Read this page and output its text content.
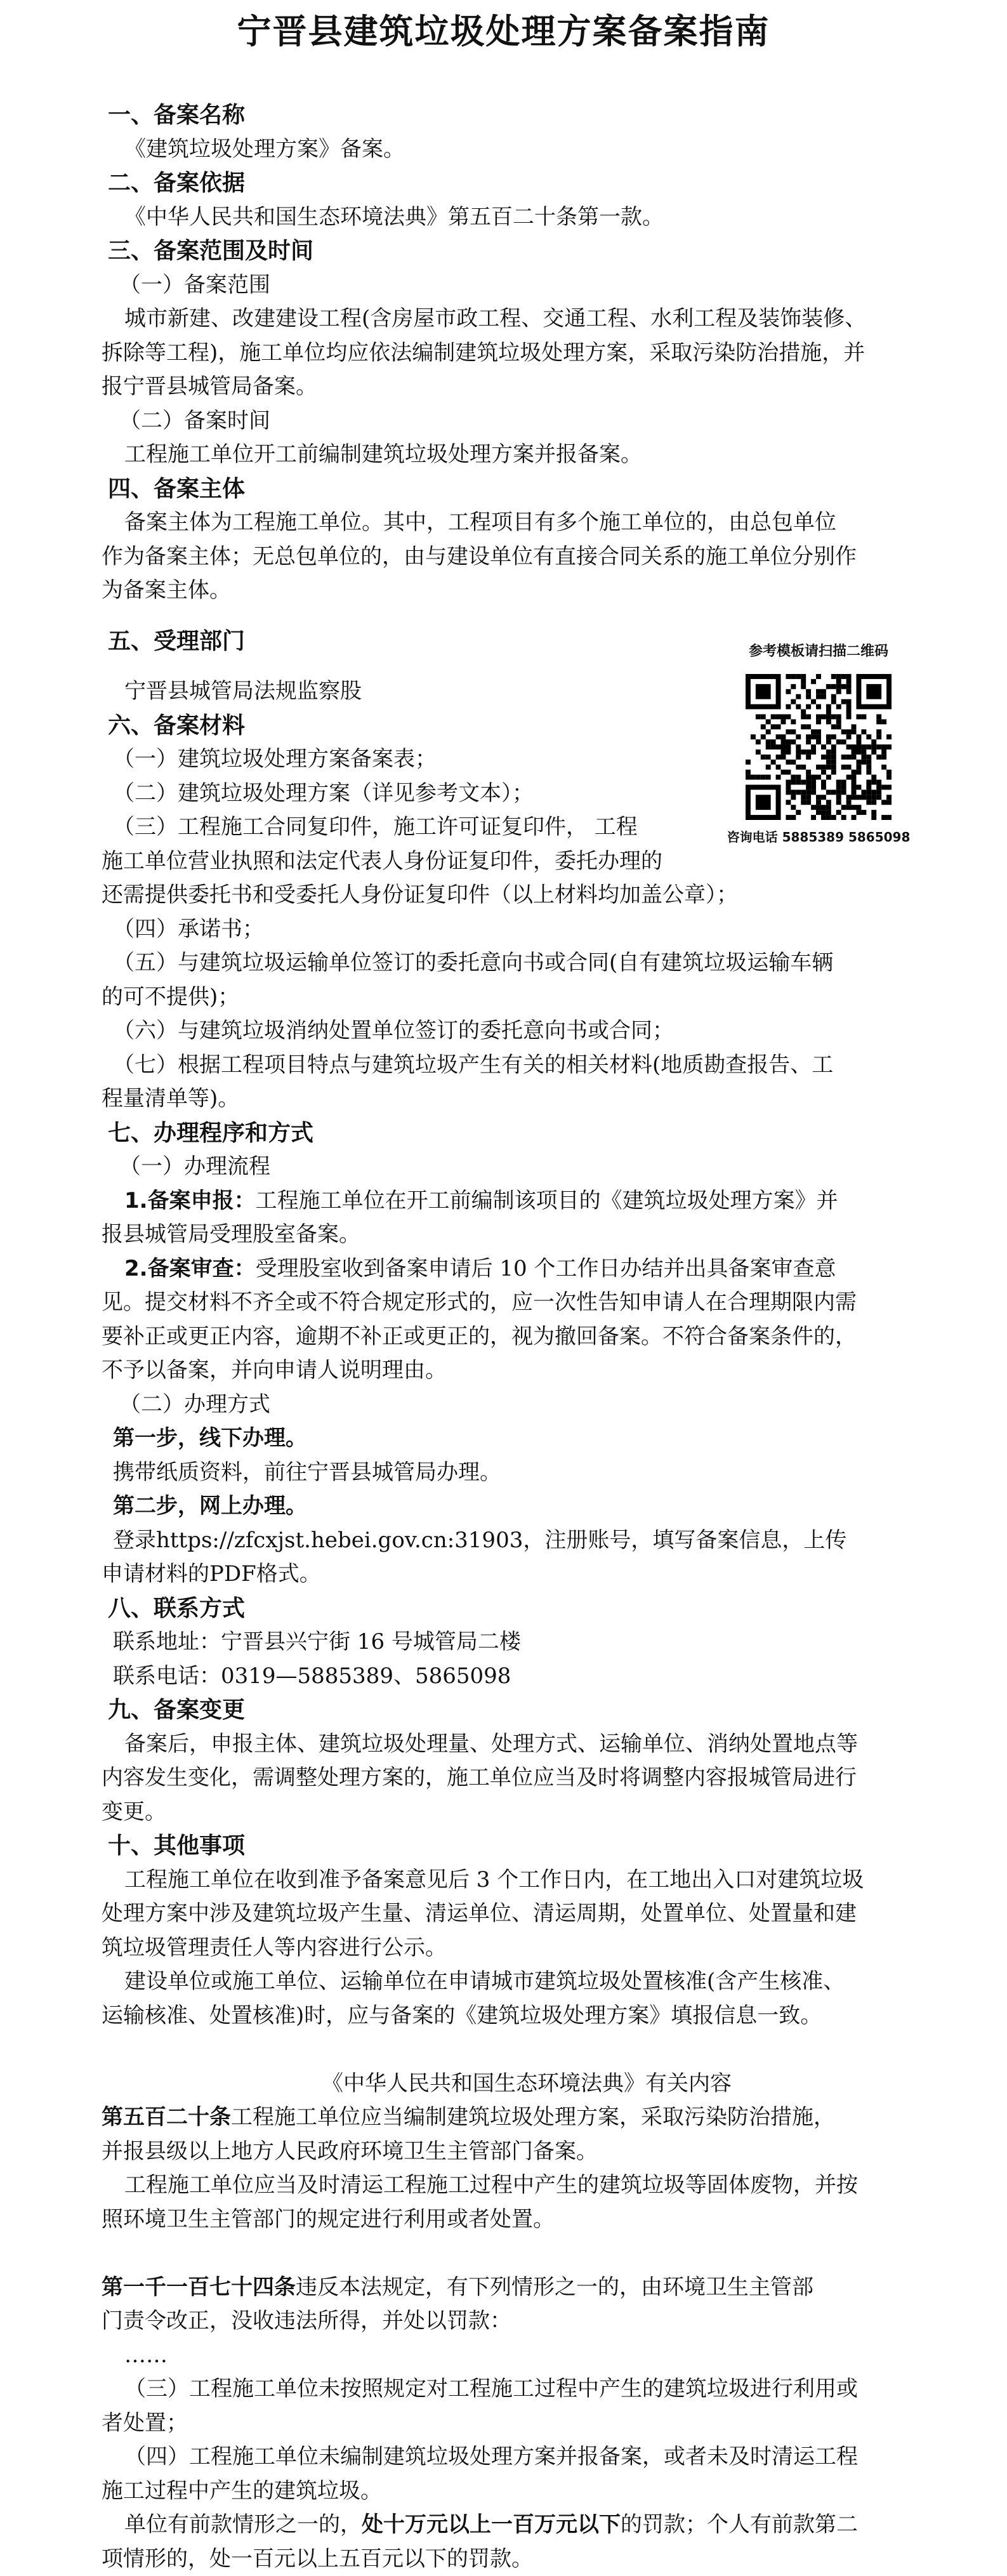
宁晋县建筑垃圾处理方案备案指南
一、备案名称
《建筑垃圾处理方案》备案。
二、备案依据
《中华人民共和国生态环境法典》第五百二十条第一款。
三、备案范围及时间
（一）备案范围
城市新建、改建建设工程(含房屋市政工程、交通工程、水利工程及装饰装修、
拆除等工程)，施工单位均应依法编制建筑垃圾处理方案，采取污染防治措施，并
报宁晋县城管局备案。
（二）备案时间
工程施工单位开工前编制建筑垃圾处理方案并报备案。
四、备案主体
备案主体为工程施工单位。其中，工程项目有多个施工单位的，由总包单位
作为备案主体；无总包单位的，由与建设单位有直接合同关系的施工单位分别作
为备案主体。
五、受理部门
宁晋县城管局法规监察股
六、备案材料
（一）建筑垃圾处理方案备案表；
（二）建筑垃圾处理方案（详见参考文本）；
（三）工程施工合同复印件，施工许可证复印件， 工程
施工单位营业执照和法定代表人身份证复印件，委托办理的
还需提供委托书和受委托人身份证复印件（以上材料均加盖公章）；
（四）承诺书；
（五）与建筑垃圾运输单位签订的委托意向书或合同(自有建筑垃圾运输车辆
的可不提供)；
（六）与建筑垃圾消纳处置单位签订的委托意向书或合同；
（七）根据工程项目特点与建筑垃圾产生有关的相关材料(地质勘查报告、工
程量清单等)。
七、办理程序和方式
（一）办理流程
1.备案申报：工程施工单位在开工前编制该项目的《建筑垃圾处理方案》并
报县城管局受理股室备案。
2.备案审查：受理股室收到备案申请后 10 个工作日办结并出具备案审查意
见。提交材料不齐全或不符合规定形式的，应一次性告知申请人在合理期限内需
要补正或更正内容，逾期不补正或更正的，视为撤回备案。不符合备案条件的，
不予以备案，并向申请人说明理由。
（二）办理方式
第一步，线下办理。
携带纸质资料，前往宁晋县城管局办理。
第二步，网上办理。
登录https://zfcxjst.hebei.gov.cn:31903，注册账号，填写备案信息，上传
申请材料的PDF格式。
八、联系方式
联系地址：宁晋县兴宁街 16 号城管局二楼
联系电话：0319—5885389、5865098
九、备案变更
备案后，申报主体、建筑垃圾处理量、处理方式、运输单位、消纳处置地点等
内容发生变化，需调整处理方案的，施工单位应当及时将调整内容报城管局进行
变更。
十、其他事项
工程施工单位在收到准予备案意见后 3 个工作日内，在工地出入口对建筑垃圾
处理方案中涉及建筑垃圾产生量、清运单位、清运周期，处置单位、处置量和建
筑垃圾管理责任人等内容进行公示。
建设单位或施工单位、运输单位在申请城市建筑垃圾处置核准(含产生核准、
运输核准、处置核准)时，应与备案的《建筑垃圾处理方案》填报信息一致。
《中华人民共和国生态环境法典》有关内容
第五百二十条工程施工单位应当编制建筑垃圾处理方案，采取污染防治措施，
并报县级以上地方人民政府环境卫生主管部门备案。
工程施工单位应当及时清运工程施工过程中产生的建筑垃圾等固体废物，并按
照环境卫生主管部门的规定进行利用或者处置。
第一千一百七十四条违反本法规定，有下列情形之一的，由环境卫生主管部
门责令改正，没收违法所得，并处以罚款：
……
（三）工程施工单位未按照规定对工程施工过程中产生的建筑垃圾进行利用或
者处置；
（四）工程施工单位未编制建筑垃圾处理方案并报备案，或者未及时清运工程
施工过程中产生的建筑垃圾。
单位有前款情形之一的，处十万元以上一百万元以下的罚款；个人有前款第二
项情形的，处一百元以上五百元以下的罚款。
参考模板请扫描二维码
咨询电话 5885389 5865098
